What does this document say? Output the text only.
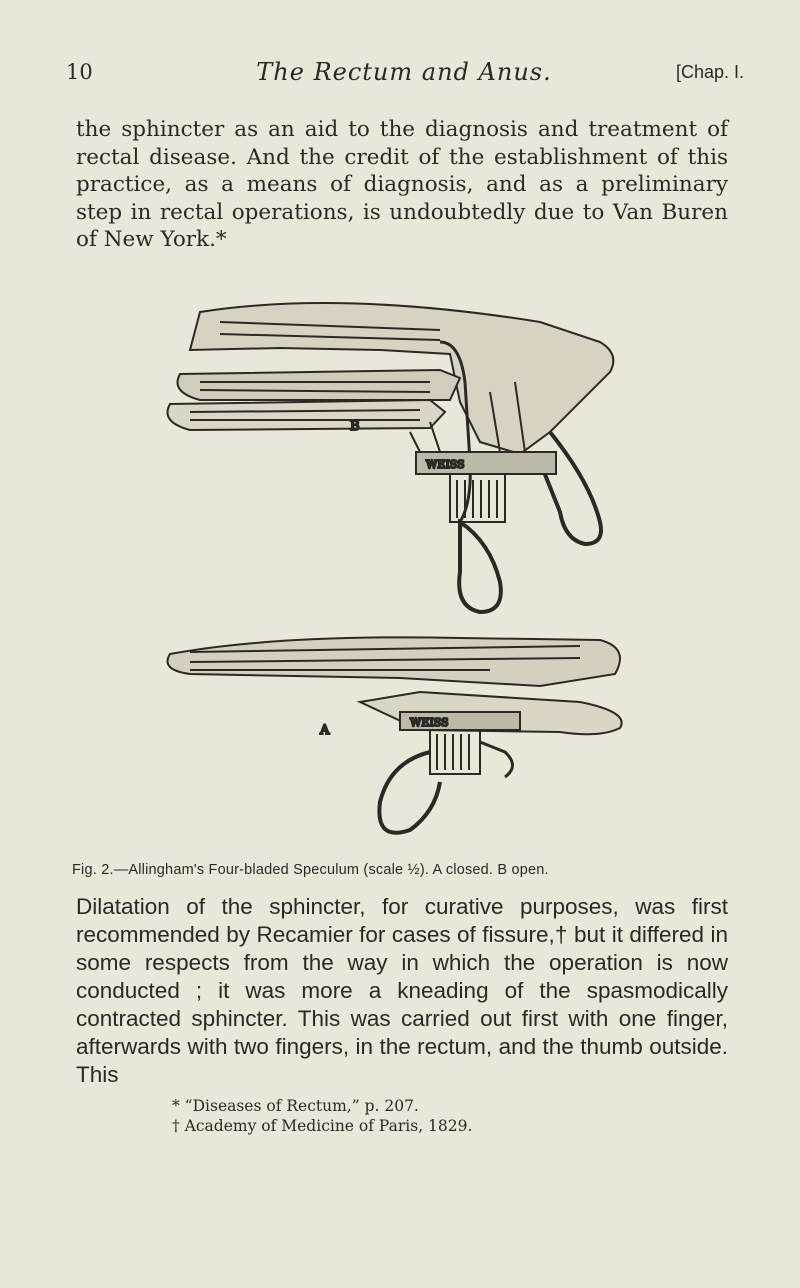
10	The Rectum and Anus.	[Chap. I.
the sphincter as an aid to the diagnosis and treatment of rectal disease. And the credit of the establishment of this practice, as a means of diagnosis, and as a preliminary step in rectal operations, is undoubtedly due to Van Buren of New York.*
WEISS
B
WEISS
A
Fig. 2.—Allingham's Four-bladed Speculum (scale ½). A closed. B open.
Dilatation of the sphincter, for curative purposes, was first recommended by Recamier for cases of fissure,† but it differed in some respects from the way in which the operation is now conducted ; it was more a kneading of the spasmodically contracted sphincter. This was carried out first with one finger, afterwards with two fingers, in the rectum, and the thumb outside. This
* “Diseases of Rectum,” p. 207.
† Academy of Medicine of Paris, 1829.
